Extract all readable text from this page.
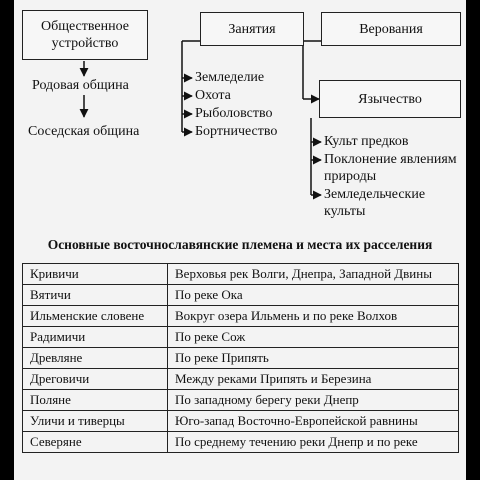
Общественное устройство
Занятия	Верования
Язычество
Родовая община
Соседская община
Земледелие
Охота
Рыболовство
Бортничество
Культ предков
Поклонение явлениям природы
Земледельческие культы
Основные восточнославянские племена и места их расселения
Кривичи	Верховья рек Волги, Днепра, Западной Двины
Вятичи	По реке Ока
Ильменские словене	Вокруг озера Ильмень и по реке Волхов
Радимичи	По реке Сож
Древляне	По реке Припять
Дреговичи	Между реками Припять и Березина
Поляне	По западному берегу реки Днепр
Уличи и тиверцы	Юго-запад Восточно-Европейской равнины
Северяне	По среднему течению реки Днепр и по реке
